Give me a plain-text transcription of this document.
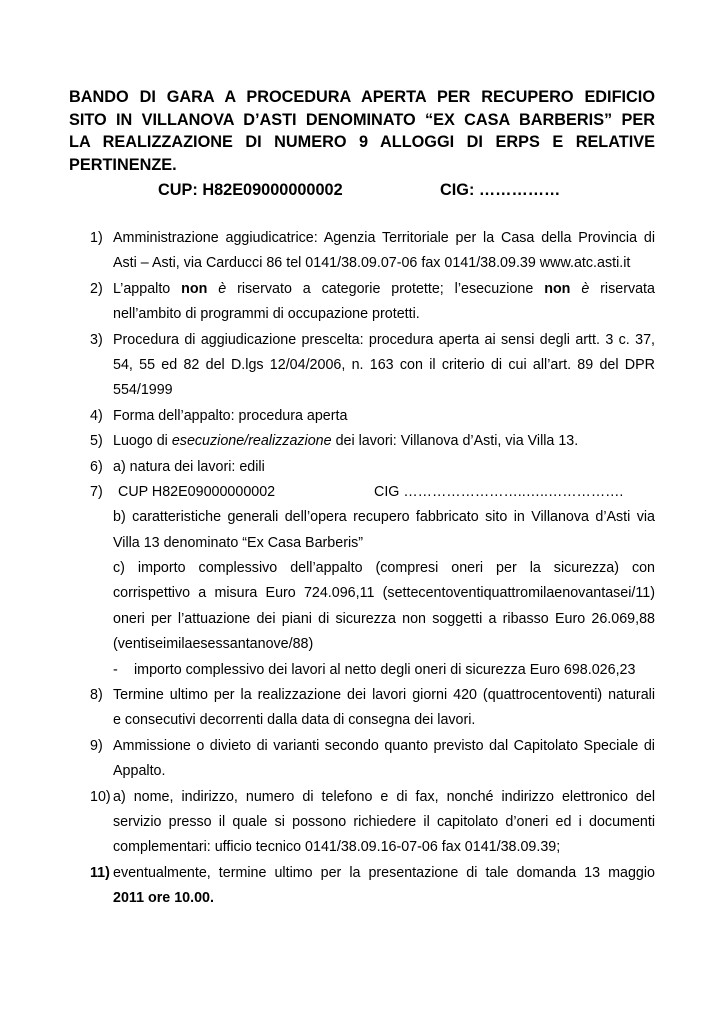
BANDO DI GARA A PROCEDURA APERTA PER RECUPERO EDIFICIO
SITO IN VILLANOVA D’ASTI DENOMINATO “EX CASA BARBERIS” PER
LA REALIZZAZIONE DI NUMERO 9 ALLOGGI DI ERPS E RELATIVE
PERTINENZE.
CUP: H82E09000000002	CIG: ……………
1) Amministrazione aggiudicatrice: Agenzia Territoriale per la Casa della Provincia di
Asti – Asti, via Carducci 86 tel 0141/38.09.07-06 fax 0141/38.09.39 www.atc.asti.it
2) L’appalto non è riservato a categorie protette; l’esecuzione non è riservata
nell’ambito di programmi di occupazione protetti.
3) Procedura di aggiudicazione prescelta: procedura aperta ai sensi degli artt. 3 c. 37,
54, 55 ed 82 del D.lgs 12/04/2006, n. 163 con il criterio di cui all’art. 89 del DPR
554/1999
4) Forma dell’appalto: procedura aperta
5) Luogo di esecuzione/realizzazione dei lavori: Villanova d’Asti, via Villa 13.
6) a) natura dei lavori: edili
7) CUP H82E09000000002	CIG ……………………..…..…………….
b) caratteristiche generali dell’opera recupero fabbricato sito in Villanova d’Asti via
Villa 13 denominato “Ex Casa Barberis”
c) importo complessivo dell’appalto (compresi oneri per la sicurezza) con
corrispettivo a misura Euro 724.096,11 (settecentoventiquattromilaenovantasei/11)
oneri per l’attuazione dei piani di sicurezza non soggetti a ribasso Euro 26.069,88
(ventiseimilaesessantanove/88)
- importo complessivo dei lavori al netto degli oneri di sicurezza Euro 698.026,23
8) Termine ultimo per la realizzazione dei lavori giorni 420 (quattrocentoventi) naturali
e consecutivi decorrenti dalla data di consegna dei lavori.
9) Ammissione o divieto di varianti secondo quanto previsto dal Capitolato Speciale di
Appalto.
10) a) nome, indirizzo, numero di telefono e di fax, nonché indirizzo elettronico del
servizio presso il quale si possono richiedere il capitolato d’oneri ed i documenti
complementari: ufficio tecnico 0141/38.09.16-07-06 fax 0141/38.09.39;
11) eventualmente, termine ultimo per la presentazione di tale domanda 13 maggio
2011 ore 10.00.
